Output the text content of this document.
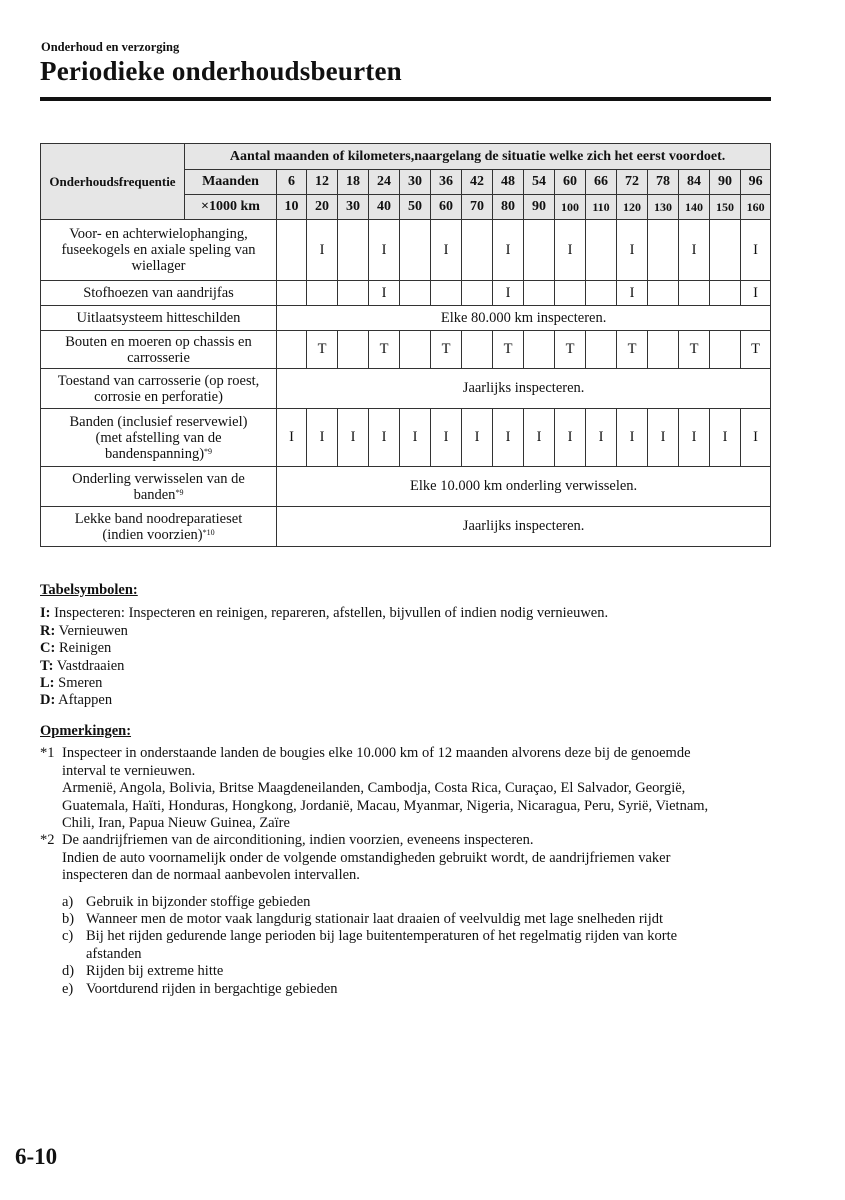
Onderhoud en verzorging
Periodieke onderhoudsbeurten
Onderhoudsfrequentie	Aantal maanden of kilometers,naargelang de situatie welke zich het eerst voordoet.																
	Maanden	6	12	18	24	30	36	42	48	54	60	66	72	78	84	90	96
	×1000 km	10	20	30	40	50	60	70	80	90	100	110	120	130	140	150	160
Voor- en achterwielophanging,
fuseekogels en axiale speling van
wiellager			I		I		I		I		I		I		I		I
Stofhoezen van aandrijfas					I				I				I				I
Uitlaatsysteem hitteschilden		Elke 80.000 km inspecteren.															
Bouten en moeren op chassis en
carrosserie			T		T		T		T		T		T		T		T
Toestand van carrosserie (op roest,
corrosie en perforatie)		Jaarlijks inspecteren.															
Banden (inclusief reservewiel)
(met afstelling van de
bandenspanning)$^{*9}$		I	I	I	I	I	I	I	I	I	I	I	I	I	I	I	I
Onderling verwisselen van de
banden$^{*9}$		Elke 10.000 km onderling verwisselen.															
Lekke band noodreparatieset
(indien voorzien)$^{*10}$		Jaarlijks inspecteren.															
Tabelsymbolen:
I: Inspecteren: Inspecteren en reinigen, repareren, afstellen, bijvullen of indien nodig vernieuwen.
R: Vernieuwen
C: Reinigen
T: Vastdraaien
L: Smeren
D: Aftappen
Opmerkingen:
*1 Inspecteer in onderstaande landen de bougies elke 10.000 km of 12 maanden alvorens deze bij de genoemde
interval te vernieuwen.
Armenië, Angola, Bolivia, Britse Maagdeneilanden, Cambodja, Costa Rica, Curaçao, El Salvador, Georgië,
Guatemala, Haïti, Honduras, Hongkong, Jordanië, Macau, Myanmar, Nigeria, Nicaragua, Peru, Syrië, Vietnam,
Chili, Iran, Papua Nieuw Guinea, Zaïre
*2 De aandrijfriemen van de airconditioning, indien voorzien, eveneens inspecteren.
Indien de auto voornamelijk onder de volgende omstandigheden gebruikt wordt, de aandrijfriemen vaker
inspecteren dan de normaal aanbevolen intervallen.
a) Gebruik in bijzonder stoffige gebieden
b) Wanneer men de motor vaak langdurig stationair laat draaien of veelvuldig met lage snelheden rijdt
c) Bij het rijden gedurende lange perioden bij lage buitentemperaturen of het regelmatig rijden van korte
afstanden
d) Rijden bij extreme hitte
e) Voortdurend rijden in bergachtige gebieden
6-10
